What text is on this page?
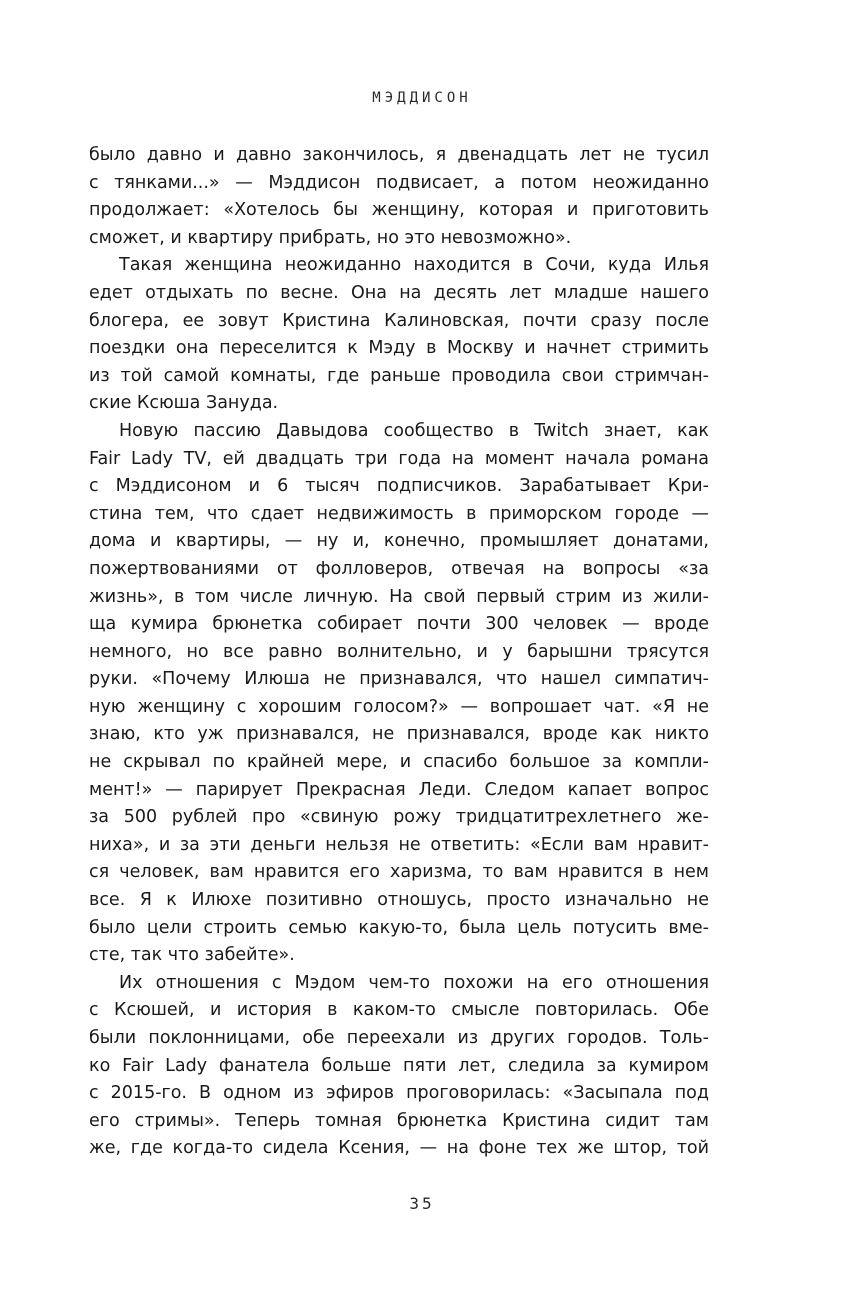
МЭДДИСОН
было давно и давно закончилось, я двенадцать лет не тусил
с тянками...» — Мэддисон подвисает, а потом неожиданно
продолжает: «Хотелось бы женщину, которая и приготовить
сможет, и квартиру прибрать, но это невозможно».
Такая женщина неожиданно находится в Сочи, куда Илья
едет отдыхать по весне. Она на десять лет младше нашего
блогера, ее зовут Кристина Калиновская, почти сразу после
поездки она переселится к Мэду в Москву и начнет стримить
из той самой комнаты, где раньше проводила свои стримчан-
ские Ксюша Зануда.
Новую пассию Давыдова сообщество в Twitch знает, как
Fair Lady TV, ей двадцать три года на момент начала романа
с Мэддисоном и 6 тысяч подписчиков. Зарабатывает Кри-
стина тем, что сдает недвижимость в приморском городе —
дома и квартиры, — ну и, конечно, промышляет донатами,
пожертвованиями от фолловеров, отвечая на вопросы «за
жизнь», в том числе личную. На свой первый стрим из жили-
ща кумира брюнетка собирает почти 300 человек — вроде
немного, но все равно волнительно, и у барышни трясутся
руки. «Почему Илюша не признавался, что нашел симпатич-
ную женщину с хорошим голосом?» — вопрошает чат. «Я не
знаю, кто уж признавался, не признавался, вроде как никто
не скрывал по крайней мере, и спасибо большое за компли-
мент!» — парирует Прекрасная Леди. Следом капает вопрос
за 500 рублей про «свиную рожу тридцатитрехлетнего же-
ниха», и за эти деньги нельзя не ответить: «Если вам нравит-
ся человек, вам нравится его харизма, то вам нравится в нем
все. Я к Илюхе позитивно отношусь, просто изначально не
было цели строить семью какую-то, была цель потусить вме-
сте, так что забейте».
Их отношения с Мэдом чем-то похожи на его отношения
с Ксюшей, и история в каком-то смысле повторилась. Обе
были поклонницами, обе переехали из других городов. Толь-
ко Fair Lady фанатела больше пяти лет, следила за кумиром
с 2015-го. В одном из эфиров проговорилась: «Засыпала под
его стримы». Теперь томная брюнетка Кристина сидит там
же, где когда-то сидела Ксения, — на фоне тех же штор, той
35
